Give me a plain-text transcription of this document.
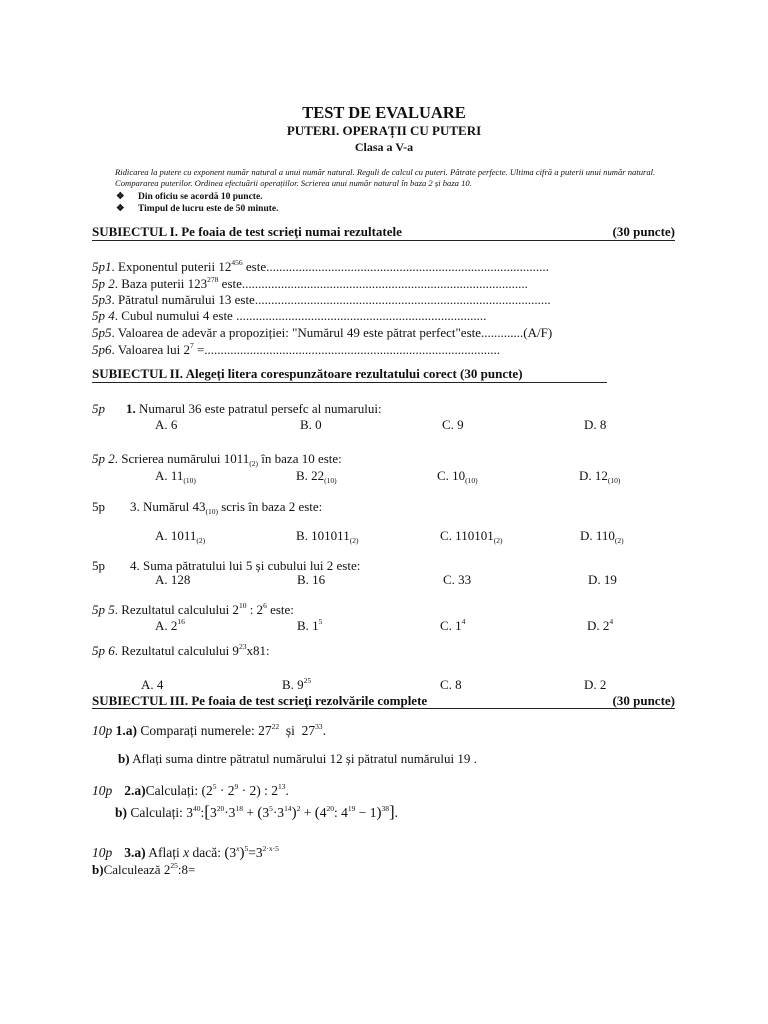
TEST DE EVALUARE
PUTERI. OPERAȚII CU PUTERI
Clasa a V-a
Ridicarea la putere cu exponent număr natural a unui număr natural. Reguli de calcul cu puteri. Pătrate perfecte. Ultima cifră a puterii unui număr natural. Compararea puterilor. Ordinea efectuării operațiilor. Scrierea unui număr natural în baza 2 și baza 10.
❖ Din oficiu se acordă 10 puncte.
❖ Timpul de lucru este de 50 minute.
SUBIECTUL I. Pe foaia de test scrieţi numai rezultatele	(30 puncte)
5p1. Exponentul puterii $12^{456}$ este.......................................................................................
5p 2. Baza puterii $123^{278}$ este........................................................................................
5p3. Pătratul numărului 13 este...........................................................................................
5p 4. Cubul numului 4 este .............................................................................
5p5. Valoarea de adevăr a propoziției: "Numărul 49 este pătrat perfect"este.............(A/F)
5p6. Valoarea lui $2^7$ =...........................................................................................
SUBIECTUL II. Alegeți litera corespunzătoare rezultatului corect (30 puncte)
5p 1. Numarul 36 este patratul persefc al numarului:
A. 6	B. 0	C. 9	D. 8
5p 2. Scrierea numărului $1011_{(2)}$ în baza 10 este:
A. $11_{(10)}$	B. $22_{(10)}$	C. $10_{(10)}$	D. $12_{(10)}$
5p 3. Numărul $43_{(10)}$ scris în baza 2 este:
A. $1011_{(2)}$	B. $101011_{(2)}$	C. $110101_{(2)}$	D. $110_{(2)}$
5p 4. Suma pătratului lui 5 și cubului lui 2 este:
A. 128	B. 16	C. 33	D. 19
5p 5. Rezultatul calculului $2^{10}$ : $2^6$ este:
A. $2^{16}$	B. $1^5$	C. $1^4$	D. $2^4$
5p 6. Rezultatul calculului $9^{23}x81$:
A. 4	B. $9^{25}$	C. 8	D. 2
SUBIECTUL III. Pe foaia de test scrieţi rezolvările complete	(30 puncte)
10p 1.a) Comparați numerele: $27^{22}$  și  $27^{33}$.
b) Aflați suma dintre pătratul numărului 12 și pătratul numărului 19 .
10p 2.a)Calculați: $(2^5 \cdot 2^9 \cdot 2)$ : $2^{13}$.
b) Calculați: $3^{40}:[3^{20}\cdot 3^{18} + (3^5\cdot 3^{14})^2 + (4^{20}$: $4^{19} - 1)^{38}$].
10p 3.a) Aflați x dacă: $(3^x)^5=3^{2\cdot x\cdot 5}$
b)Calculează $2^{25}:8=$
